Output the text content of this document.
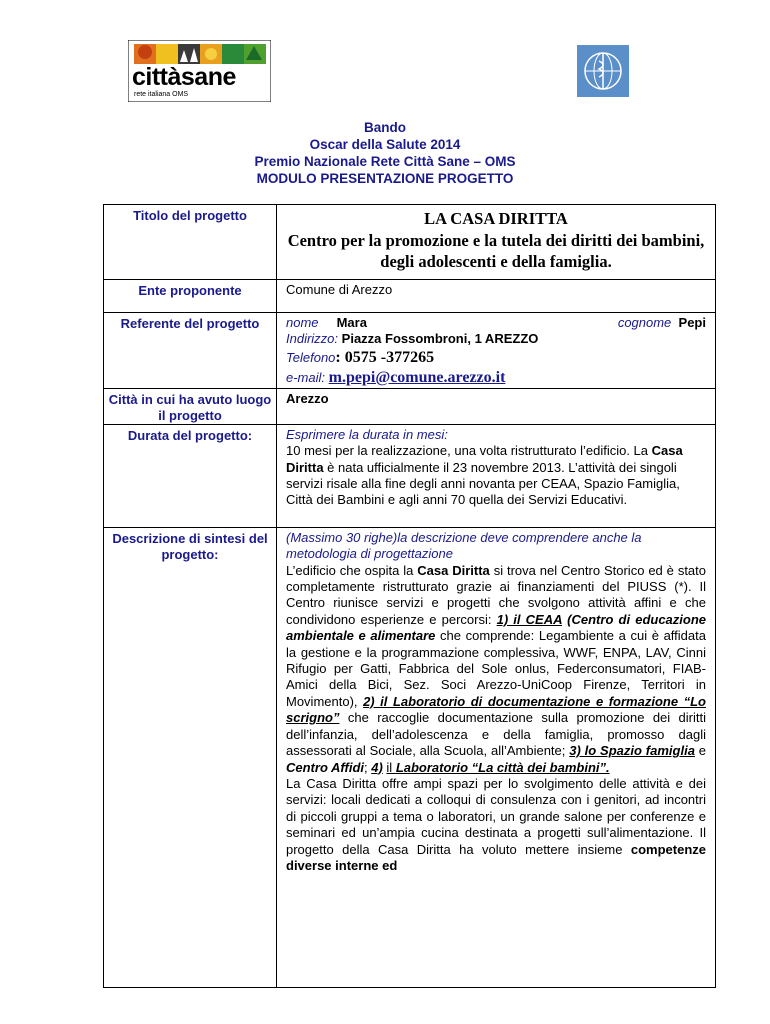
cittàsane
rete italiana OMS
Bando
Oscar della Salute 2014
Premio Nazionale Rete Città Sane – OMS
MODULO PRESENTAZIONE PROGETTO
Titolo del progetto	LA CASA DIRITTA
Centro per la promozione e la tutela dei diritti dei bambini, degli adolescenti e della famiglia.

Ente proponente	Comune di Arezzo
Referente del progetto	nome Mara cognome Pepi
Indirizzo: Piazza Fossombroni, 1 AREZZO
Telefono: 0575 -377265
e-mail: m.pepi@comune.arezzo.it

Città in cui ha avuto luogo il progetto	Arezzo
Durata del progetto:	Esprimere la durata in mesi:
10 mesi per la realizzazione, una volta ristrutturato l’edificio. La Casa Diritta è nata ufficialmente il 23 novembre 2013. L’attività dei singoli servizi risale alla fine degli anni novanta per CEAA, Spazio Famiglia, Città dei Bambini e agli anni 70 quella dei Servizi Educativi.

Descrizione di sintesi del progetto:	(Massimo 30 righe)la descrizione deve comprendere anche la metodologia di progettazione
L’edificio che ospita la Casa Diritta si trova nel Centro Storico ed è stato completamente ristrutturato grazie ai finanziamenti del PIUSS (*). Il Centro riunisce servizi e progetti che svolgono attività affini e che condividono esperienze e percorsi: 1) il CEAA (Centro di educazione ambientale e alimentare che comprende: Legambiente a cui è affidata la gestione e la programmazione complessiva, WWF, ENPA, LAV, Cinni Rifugio per Gatti, Fabbrica del Sole onlus, Federconsumatori, FIAB-Amici della Bici, Sez. Soci Arezzo-UniCoop Firenze, Territori in Movimento), 2) il Laboratorio di documentazione e formazione “Lo scrigno” che raccoglie documentazione sulla promozione dei diritti dell’infanzia, dell’adolescenza e della famiglia, promosso dagli assessorati al Sociale, alla Scuola, all’Ambiente; 3) lo Spazio famiglia e Centro Affidi; 4) il Laboratorio “La città dei bambini”.
La Casa Diritta offre ampi spazi per lo svolgimento delle attività e dei servizi: locali dedicati a colloqui di consulenza con i genitori, ad incontri di piccoli gruppi a tema o laboratori, un grande salone per conferenze e seminari ed un’ampia cucina destinata a progetti sull’alimentazione. Il progetto della Casa Diritta ha voluto mettere insieme competenze diverse interne ed
